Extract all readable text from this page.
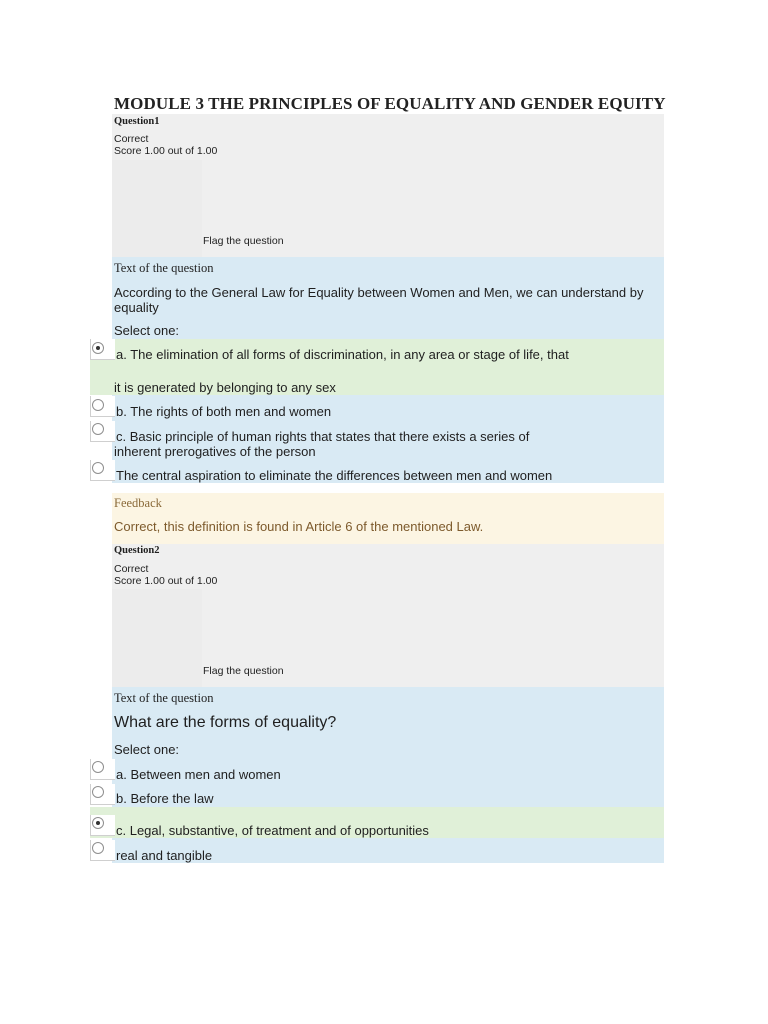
MODULE 3 THE PRINCIPLES OF EQUALITY AND GENDER EQUITY
Question1
Correct
Score 1.00 out of 1.00
Flag the question
Text of the question
According to the General Law for Equality between Women and Men, we can understand by
equality
Select one:
a. The elimination of all forms of discrimination, in any area or stage of life, that
it is generated by belonging to any sex
b. The rights of both men and women
c. Basic principle of human rights that states that there exists a series of
inherent prerogatives of the person
The central aspiration to eliminate the differences between men and women
Feedback
Correct, this definition is found in Article 6 of the mentioned Law.
Question2
Correct
Score 1.00 out of 1.00
Flag the question
Text of the question
What are the forms of equality?
Select one:
a. Between men and women
b. Before the law
c. Legal, substantive, of treatment and of opportunities
real and tangible
